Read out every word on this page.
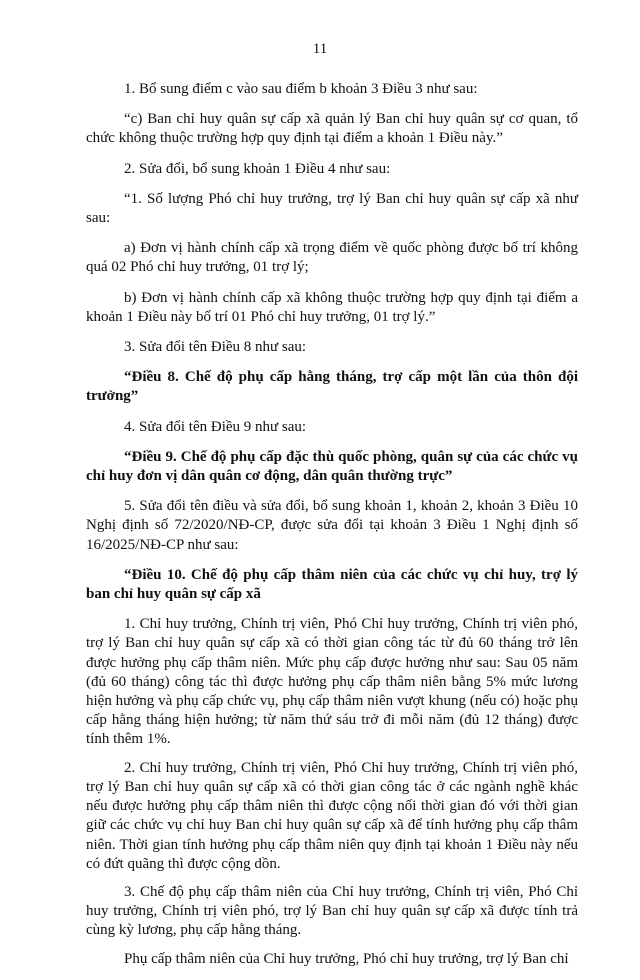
11

1. Bổ sung điểm c vào sau điểm b khoản 3 Điều 3 như sau:

“c) Ban chỉ huy quân sự cấp xã quản lý Ban chỉ huy quân sự cơ quan, tổ chức không thuộc trường hợp quy định tại điểm a khoản 1 Điều này.”

2. Sửa đổi, bổ sung khoản 1 Điều 4 như sau:

“1. Số lượng Phó chỉ huy trưởng, trợ lý Ban chỉ huy quân sự cấp xã như sau:

a) Đơn vị hành chính cấp xã trọng điểm về quốc phòng được bố trí không quá 02 Phó chỉ huy trưởng, 01 trợ lý;

b) Đơn vị hành chính cấp xã không thuộc trường hợp quy định tại điểm a khoản 1 Điều này bố trí 01 Phó chỉ huy trưởng, 01 trợ lý.”

3. Sửa đổi tên Điều 8 như sau:

“Điều 8. Chế độ phụ cấp hằng tháng, trợ cấp một lần của thôn đội trưởng”

4. Sửa đổi tên Điều 9 như sau:

“Điều 9. Chế độ phụ cấp đặc thù quốc phòng, quân sự của các chức vụ chỉ huy đơn vị dân quân cơ động, dân quân thường trực”

5. Sửa đổi tên điều và sửa đổi, bổ sung khoản 1, khoản 2, khoản 3 Điều 10 Nghị định số 72/2020/NĐ-CP, được sửa đổi tại khoản 3 Điều 1 Nghị định số 16/2025/NĐ-CP như sau:

“Điều 10. Chế độ phụ cấp thâm niên của các chức vụ chỉ huy, trợ lý ban chỉ huy quân sự cấp xã

1. Chỉ huy trưởng, Chính trị viên, Phó Chỉ huy trưởng, Chính trị viên phó, trợ lý Ban chỉ huy quân sự cấp xã có thời gian công tác từ đủ 60 tháng trở lên được hưởng phụ cấp thâm niên. Mức phụ cấp được hưởng như sau: Sau 05 năm (đủ 60 tháng) công tác thì được hưởng phụ cấp thâm niên bằng 5% mức lương hiện hưởng và phụ cấp chức vụ, phụ cấp thâm niên vượt khung (nếu có) hoặc phụ cấp hằng tháng hiện hưởng; từ năm thứ sáu trở đi mỗi năm (đủ 12 tháng) được tính thêm 1%.

2. Chỉ huy trưởng, Chính trị viên, Phó Chỉ huy trưởng, Chính trị viên phó, trợ lý Ban chỉ huy quân sự cấp xã có thời gian công tác ở các ngành nghề khác nếu được hưởng phụ cấp thâm niên thì được cộng nối thời gian đó với thời gian giữ các chức vụ chỉ huy Ban chỉ huy quân sự cấp xã để tính hưởng phụ cấp thâm niên. Thời gian tính hưởng phụ cấp thâm niên quy định tại khoản 1 Điều này nếu có đứt quãng thì được cộng dồn.

3. Chế độ phụ cấp thâm niên của Chỉ huy trưởng, Chính trị viên, Phó Chỉ huy trưởng, Chính trị viên phó, trợ lý Ban chỉ huy quân sự cấp xã được tính trả cùng kỳ lương, phụ cấp hằng tháng.

Phụ cấp thâm niên của Chỉ huy trưởng, Phó chỉ huy trưởng, trợ lý Ban chỉ
